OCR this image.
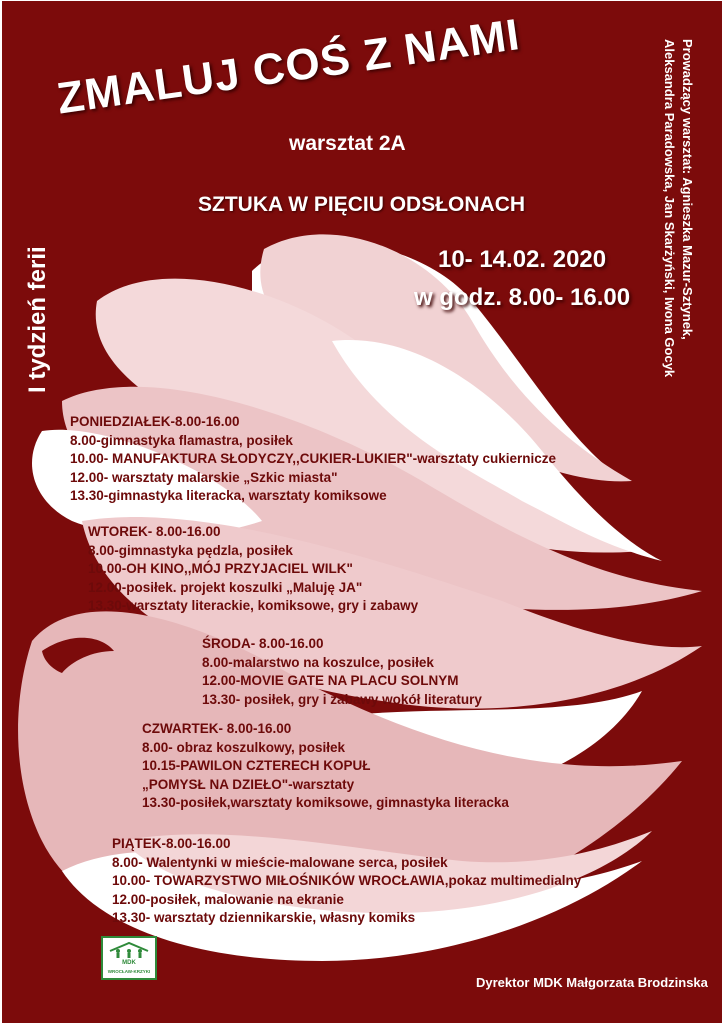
ZMALUJ COŚ Z NAMI
warsztat 2A
SZTUKA W PIĘCIU ODSŁONACH
10- 14.02. 2020
w godz. 8.00- 16.00
I tydzień ferii	Prowadzący warsztat: Agnieszka Mazur-Sztynek,
Aleksandra Paradowska, Jan Skarżyński, Iwona Gocyk
PONIEDZIAŁEK-8.00-16.00
8.00-gimnastyka flamastra, posiłek
10.00- MANUFAKTURA SŁODYCZY,,CUKIER-LUKIER"-warsztaty cukiernicze
12.00- warsztaty malarskie „Szkic miasta"
13.30-gimnastyka literacka, warsztaty komiksowe
WTOREK- 8.00-16.00
8.00-gimnastyka pędzla, posiłek
10.00-OH KINO,,MÓJ PRZYJACIEL WILK"
12.00-posiłek. projekt koszulki „Maluję JA"
13.30-warsztaty literackie, komiksowe, gry i zabawy
ŚRODA- 8.00-16.00
8.00-malarstwo na koszulce, posiłek
12.00-MOVIE GATE NA PLACU SOLNYM
13.30- posiłek, gry i zabawy wokół literatury
CZWARTEK- 8.00-16.00
8.00- obraz koszulkowy, posiłek
10.15-PAWILON CZTERECH KOPUŁ
„POMYSŁ NA DZIEŁO"-warsztaty
13.30-posiłek,warsztaty komiksowe, gimnastyka literacka
PIĄTEK-8.00-16.00
8.00- Walentynki w mieście-malowane serca, posiłek
10.00- TOWARZYSTWO MIŁOŚNIKÓW WROCŁAWIA,pokaz multimedialny
12.00-posiłek, malowanie na ekranie
13.30- warsztaty dziennikarskie, własny komiks
MDK
WROCŁAW-KRZYKI
Dyrektor MDK Małgorzata Brodzinska
